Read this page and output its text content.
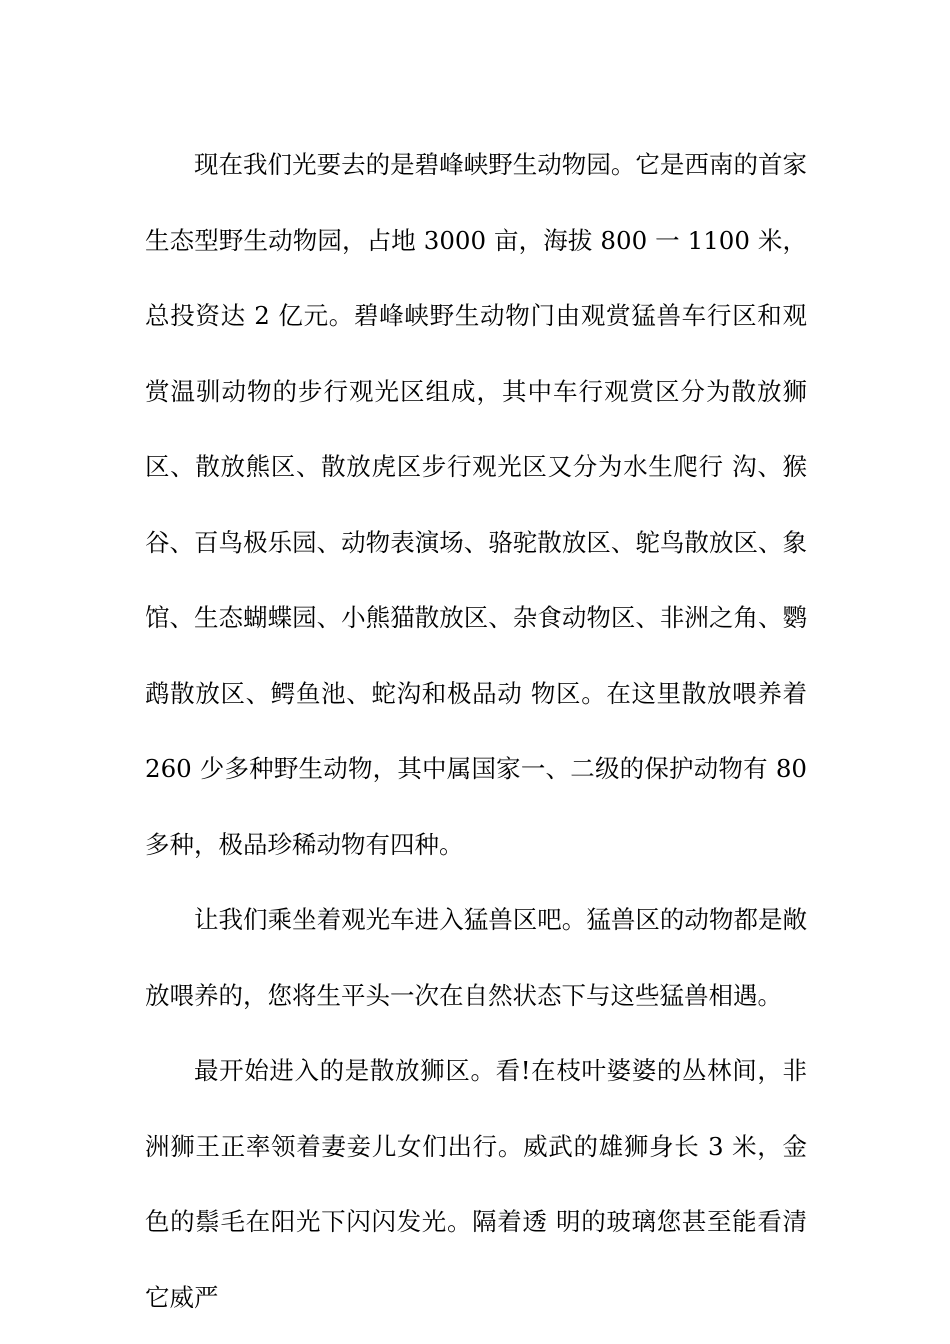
现在我们光要去的是碧峰峡野生动物园。它是西南的首家生态型野生动物园，占地 3000 亩，海拔 800 一 1100 米，总投资达 2 亿元。碧峰峡野生动物门由观赏猛兽车行区和观赏温驯动物的步行观光区组成，其中车行观赏区分为散放狮区、散放熊区、散放虎区步行观光区又分为水生爬行 沟、猴谷、百鸟极乐园、动物表演场、骆驼散放区、鸵鸟散放区、象馆、生态蝴蝶园、小熊猫散放区、杂食动物区、非洲之角、鹦鹉散放区、鳄鱼池、蛇沟和极品动 物区。在这里散放喂养着 260 少多种野生动物，其中属国家一、二级的保护动物有 80 多种，极品珍稀动物有四种。

让我们乘坐着观光车进入猛兽区吧。猛兽区的动物都是敞放喂养的，您将生平头一次在自然状态下与这些猛兽相遇。

最开始进入的是散放狮区。看!在枝叶婆婆的丛林间，非洲狮王正率领着妻妾儿女们出行。威武的雄狮身长 3 米，金色的鬃毛在阳光下闪闪发光。隔着透 明的玻璃您甚至能看清它威严
